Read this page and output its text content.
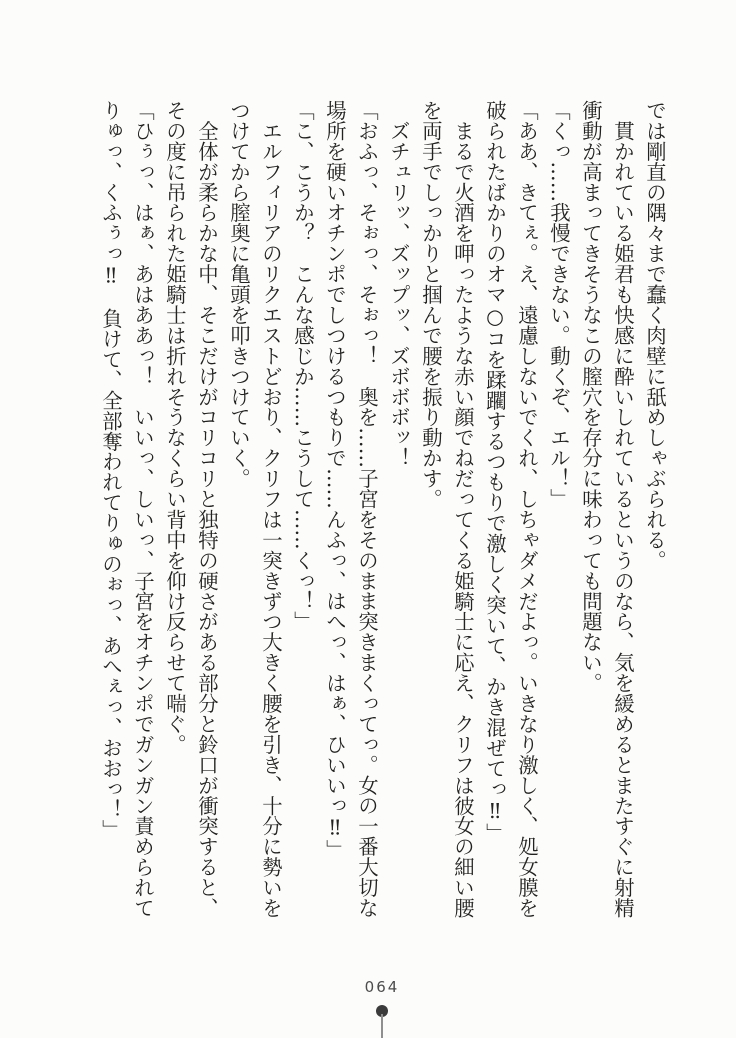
では剛直の隅々まで蠢く肉壁に舐めしゃぶられる。
　貫かれている姫君も快感に酔いしれているというのなら、気を緩めるとまたすぐに射精
衝動が高まってきそうなこの膣穴を存分に味わっても問題ない。
「くっ……我慢できない。動くぞ、エル！」
「ああ、きてぇ。え、遠慮しないでくれ、しちゃダメだよっ。いきなり激しく、処女膜を
破られたばかりのオマ○コを蹂躙するつもりで激しく突いて、かき混ぜてっ‼」
　まるで火酒を呷ったような赤い顔でねだってくる姫騎士に応え、クリフは彼女の細い腰
を両手でしっかりと掴んで腰を振り動かす。
　ズチュリッ、ズップッ、ズボボボッ！
「おふっ、そぉっ、そぉっ！　奥を……子宮をそのまま突きまくってっ。女の一番大切な
場所を硬いオチンポでしつけるつもりで……んふっ、はへっ、はぁ、ひいいっ‼」
「こ、こうか？　こんな感じか……こうして……くっ！」
　エルフィリアのリクエストどおり、クリフは一突きずつ大きく腰を引き、十分に勢いを
つけてから膣奥に亀頭を叩きつけていく。
　全体が柔らかな中、そこだけがコリコリと独特の硬さがある部分と鈴口が衝突すると、
その度に吊られた姫騎士は折れそうなくらい背中を仰け反らせて喘ぐ。
「ひぅっ、はぁ、あはああっ！　いいっ、しいっ、子宮をオチンポでガンガン責められて
りゅっ、くふぅっ‼　負けて、全部奪われてりゅのぉっ、あへぇっ、おおっ！」
064
